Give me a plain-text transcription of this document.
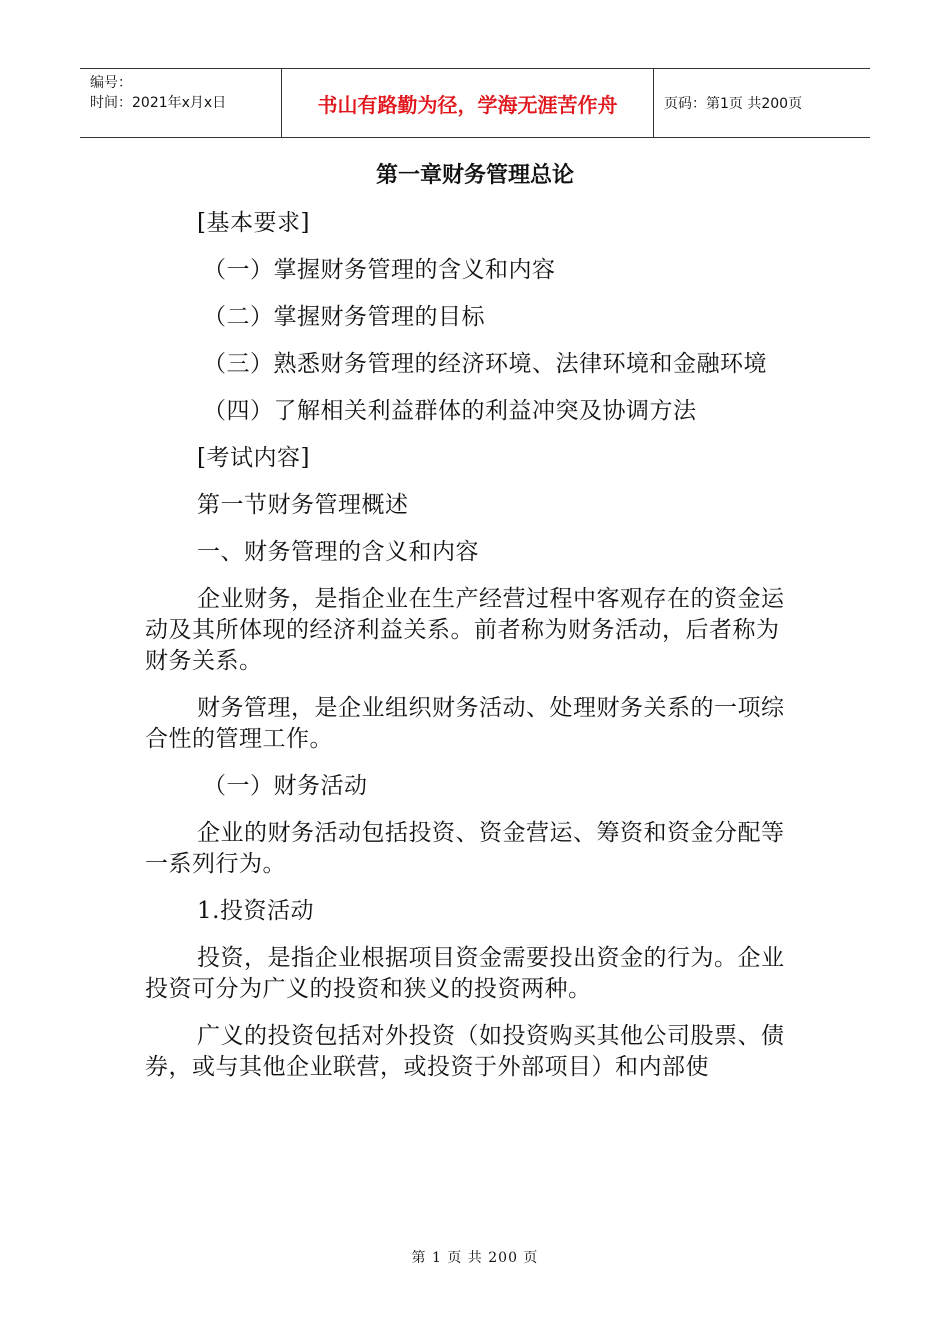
编号：
时间：2021年x月x日	书山有路勤为径，学海无涯苦作舟	页码：第1页 共200页
第一章财务管理总论

[基本要求]

（一）掌握财务管理的含义和内容

（二）掌握财务管理的目标

（三）熟悉财务管理的经济环境、法律环境和金融环境

（四）了解相关利益群体的利益冲突及协调方法

[考试内容]

第一节财务管理概述

一、财务管理的含义和内容

企业财务，是指企业在生产经营过程中客观存在的资金运动及其所体现的经济利益关系。前者称为财务活动，后者称为财务关系。

财务管理，是企业组织财务活动、处理财务关系的一项综合性的管理工作。

（一）财务活动

企业的财务活动包括投资、资金营运、筹资和资金分配等一系列行为。

1.投资活动

投资，是指企业根据项目资金需要投出资金的行为。企业投资可分为广义的投资和狭义的投资两种。

广义的投资包括对外投资（如投资购买其他公司股票、债券，或与其他企业联营，或投资于外部项目）和内部使

第 1 页 共 200 页
